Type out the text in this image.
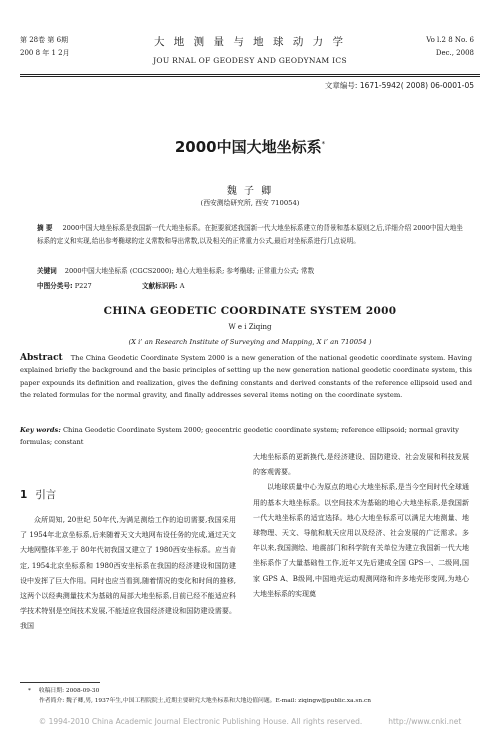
第 28卷 第 6期
200 8 年 1 2月
大 地 测 量 与 地 球 动 力 学
JOU RNAL OF GEODESY AND GEODYNAM ICS
Vo l.2 8 No. 6
Dec., 2008
文章编号: 1671-5942( 2008) 06-0001-05
2000中国大地坐标系*
魏 子 卿
(西安测绘研究所, 西安 710054)
摘 要 2000中国大地坐标系是我国新一代大地坐标系。在扼要叙述我国新一代大地坐标系建立的背景和基本原则之后,详细介绍 2000中国大地坐标系的定义和实现,给出参考椭球的定义常数和导出常数,以及相关的正常重力公式,最后对坐标系进行几点说明。
关键词 2000中国大地坐标系 (CGCS2000); 地心大地坐标系; 参考椭球; 正常重力公式; 常数
中图分类号: P227	文献标识码: A
CHINA GEODETIC COORDINATE SYSTEM 2000
W e i Ziqing
(X i’ an Research Institute of Surveying and Mapping, X i’ an 710054 )
Abstract The China Geodetic Coordinate System 2000 is a new generation of the national geodetic coordinate system. Having explained briefly the background and the basic principles of setting up the new generation national geodetic coordinate system, this paper expounds its definition and realization, gives the defining constants and derived constants of the reference ellipsoid used and the related formulas for the normal gravity, and finally addresses several items noting on the coordinate system.
Key words: China Geodetic Coordinate System 2000; geocentric geodetic coordinate system; reference ellipsoid; normal gravity formulas; constant
1 引言

众所周知, 20世纪 50年代,为满足测绘工作的迫切需要,我国采用了 1954年北京坐标系,后来随着天文大地网布设任务的完成,通过天文大地网整体平差,于 80年代初我国又建立了 1980西安坐标系。应当肯定, 1954北京坐标系和 1980西安坐标系在我国的经济建设和国防建设中发挥了巨大作用。同时也应当看到,随着情况的变化和时间的推移,这两个以经典测量技术为基础的局部大地坐标系,目前已经不能适应科学技术特别是空间技术发展,不能适应我国经济建设和国防建设需要。我国

大地坐标系的更新换代,是经济建设、国防建设、社会发展和科技发展的客观需要。

以地球质量中心为原点的地心大地坐标系,是当今空间时代全球通用的基本大地坐标系。以空间技术为基础的地心大地坐标系,是我国新一代大地坐标系的适宜选择。地心大地坐标系可以满足大地测量、地球物理、天文、导航和航天应用以及经济、社会发展的广泛需求。多年以来,我国测绘、地震部门和科学院有关单位为建立我国新一代大地坐标系作了大量基础性工作,近年又先后建成全国 GPS一、二级网,国家 GPS A、B级网,中国地壳运动观测网络和许多地壳形变网,为地心大地坐标系的实现奠

* 收稿日期: 2008-09-30
作者简介: 魏子卿,男, 1937年生,中国工程院院士,近期主要研究大地坐标系和大地边值问题。E-mail: ziqingw@public.xa.sn.cn
© 1994-2010 China Academic Journal Electronic Publishing House. All rights reserved.	http://www.cnki.net
